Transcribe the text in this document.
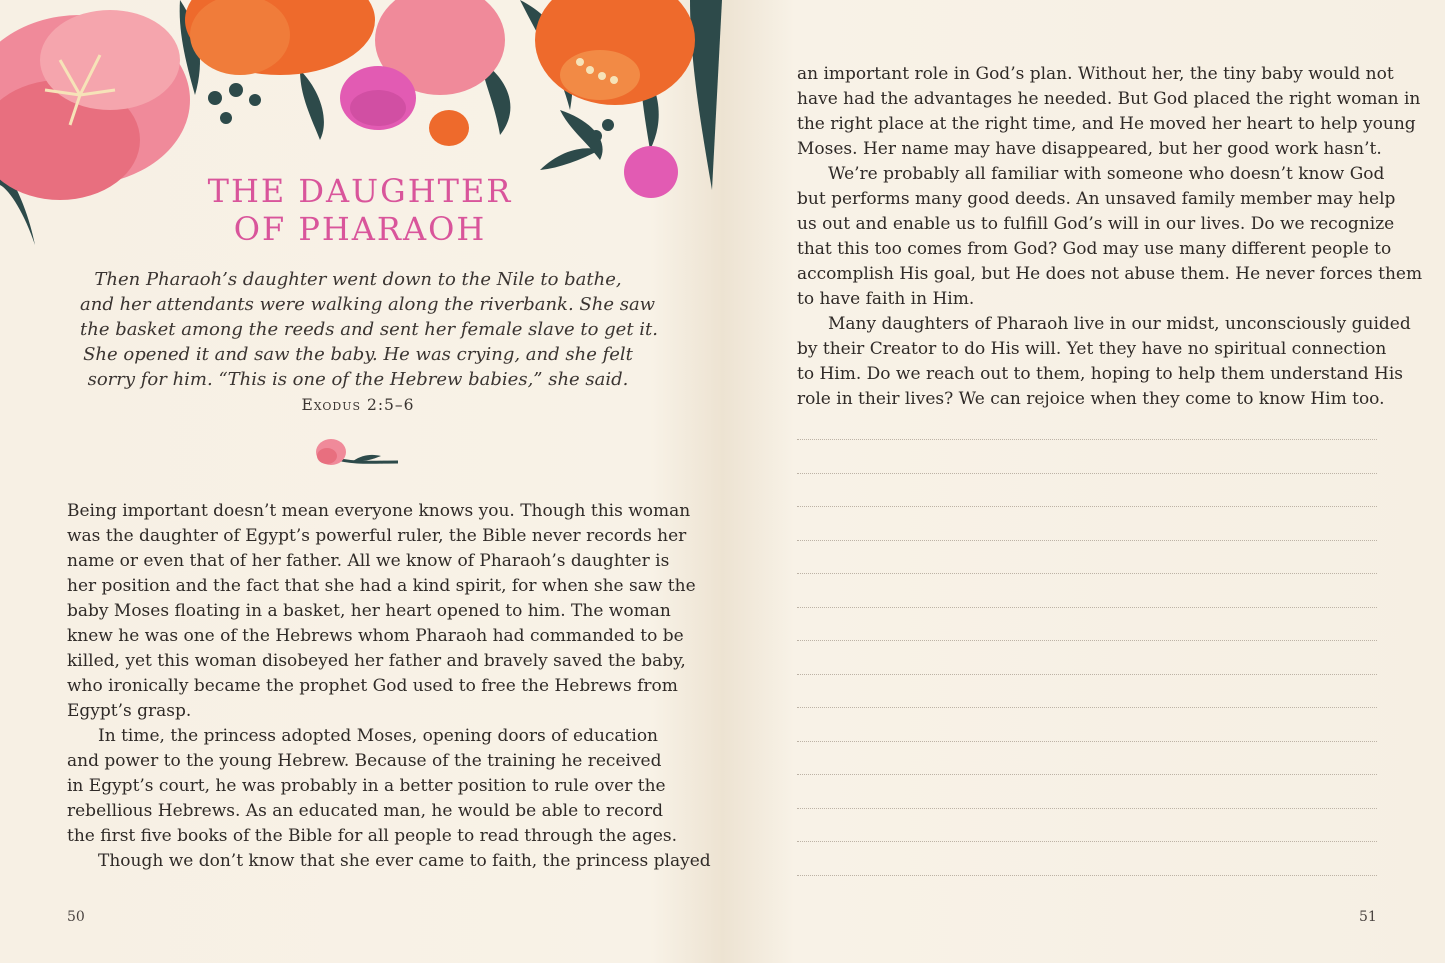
THE DAUGHTER
OF PHARAOH
Then Pharaoh’s daughter went down to the Nile to bathe,
and her attendants were walking along the riverbank. She saw
the basket among the reeds and sent her female slave to get it.
She opened it and saw the baby. He was crying, and she felt
sorry for him. “This is one of the Hebrew babies,” she said.
Exodus 2:5–6
Being important doesn’t mean everyone knows you. Though this woman
was the daughter of Egypt’s powerful ruler, the Bible never records her
name or even that of her father. All we know of Pharaoh’s daughter is
her position and the fact that she had a kind spirit, for when she saw the
baby Moses floating in a basket, her heart opened to him. The woman
knew he was one of the Hebrews whom Pharaoh had commanded to be
killed, yet this woman disobeyed her father and bravely saved the baby,
who ironically became the prophet God used to free the Hebrews from
Egypt’s grasp.
In time, the princess adopted Moses, opening doors of education
and power to the young Hebrew. Because of the training he received
in Egypt’s court, he was probably in a better position to rule over the
rebellious Hebrews. As an educated man, he would be able to record
the first five books of the Bible for all people to read through the ages.
Though we don’t know that she ever came to faith, the princess played
50
an important role in God’s plan. Without her, the tiny baby would not
have had the advantages he needed. But God placed the right woman in
the right place at the right time, and He moved her heart to help young
Moses. Her name may have disappeared, but her good work hasn’t.
We’re probably all familiar with someone who doesn’t know God
but performs many good deeds. An unsaved family member may help
us out and enable us to fulfill God’s will in our lives. Do we recognize
that this too comes from God? God may use many different people to
accomplish His goal, but He does not abuse them. He never forces them
to have faith in Him.
Many daughters of Pharaoh live in our midst, unconsciously guided
by their Creator to do His will. Yet they have no spiritual connection
to Him. Do we reach out to them, hoping to help them understand His
role in their lives? We can rejoice when they come to know Him too.
51
